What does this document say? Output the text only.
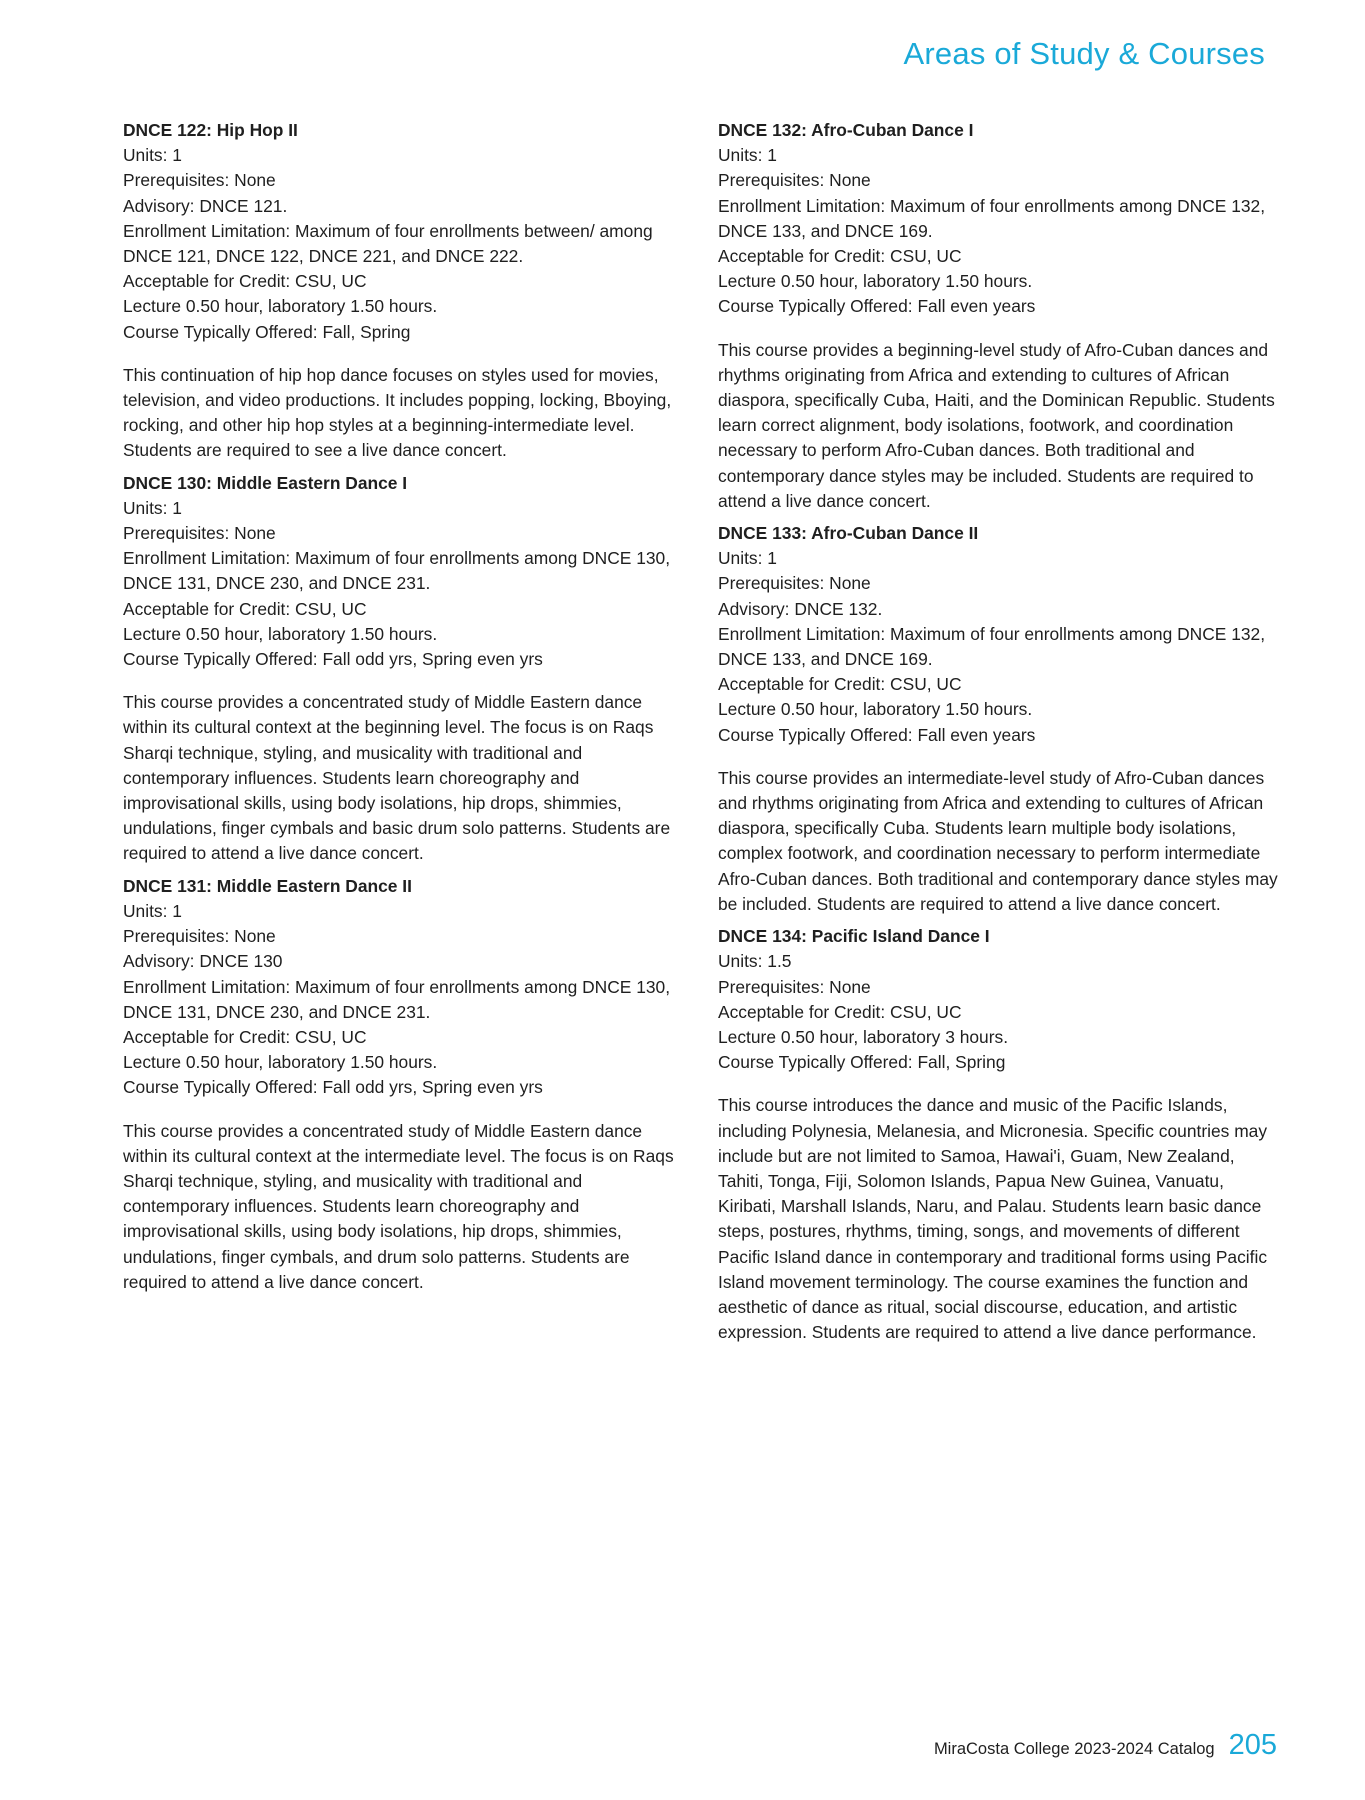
Areas of Study & Courses

DNCE 122: Hip Hop II

Units: 1

Prerequisites: None

Advisory: DNCE 121.

Enrollment Limitation: Maximum of four enrollments between/ among DNCE 121, DNCE 122, DNCE 221, and DNCE 222.

Acceptable for Credit: CSU, UC

Lecture 0.50 hour, laboratory 1.50 hours.

Course Typically Offered: Fall, Spring

This continuation of hip hop dance focuses on styles used for movies, television, and video productions. It includes popping, locking, Bboying, rocking, and other hip hop styles at a beginning-intermediate level. Students are required to see a live dance concert.

DNCE 130: Middle Eastern Dance I

Units: 1

Prerequisites: None

Enrollment Limitation: Maximum of four enrollments among DNCE 130, DNCE 131, DNCE 230, and DNCE 231.

Acceptable for Credit: CSU, UC

Lecture 0.50 hour, laboratory 1.50 hours.

Course Typically Offered: Fall odd yrs, Spring even yrs

This course provides a concentrated study of Middle Eastern dance within its cultural context at the beginning level. The focus is on Raqs Sharqi technique, styling, and musicality with traditional and contemporary influences. Students learn choreography and improvisational skills, using body isolations, hip drops, shimmies, undulations, finger cymbals and basic drum solo patterns. Students are required to attend a live dance concert.

DNCE 131: Middle Eastern Dance II

Units: 1

Prerequisites: None

Advisory: DNCE 130

Enrollment Limitation: Maximum of four enrollments among DNCE 130, DNCE 131, DNCE 230, and DNCE 231.

Acceptable for Credit: CSU, UC

Lecture 0.50 hour, laboratory 1.50 hours.

Course Typically Offered: Fall odd yrs, Spring even yrs

This course provides a concentrated study of Middle Eastern dance within its cultural context at the intermediate level. The focus is on Raqs Sharqi technique, styling, and musicality with traditional and contemporary influences. Students learn choreography and improvisational skills, using body isolations, hip drops, shimmies, undulations, finger cymbals, and drum solo patterns. Students are required to attend a live dance concert.

DNCE 132: Afro-Cuban Dance I

Units: 1

Prerequisites: None

Enrollment Limitation: Maximum of four enrollments among DNCE 132, DNCE 133, and DNCE 169.

Acceptable for Credit: CSU, UC

Lecture 0.50 hour, laboratory 1.50 hours.

Course Typically Offered: Fall even years

This course provides a beginning-level study of Afro-Cuban dances and rhythms originating from Africa and extending to cultures of African diaspora, specifically Cuba, Haiti, and the Dominican Republic. Students learn correct alignment, body isolations, footwork, and coordination necessary to perform Afro-Cuban dances. Both traditional and contemporary dance styles may be included. Students are required to attend a live dance concert.

DNCE 133: Afro-Cuban Dance II

Units: 1

Prerequisites: None

Advisory: DNCE 132.

Enrollment Limitation: Maximum of four enrollments among DNCE 132, DNCE 133, and DNCE 169.

Acceptable for Credit: CSU, UC

Lecture 0.50 hour, laboratory 1.50 hours.

Course Typically Offered: Fall even years

This course provides an intermediate-level study of Afro-Cuban dances and rhythms originating from Africa and extending to cultures of African diaspora, specifically Cuba. Students learn multiple body isolations, complex footwork, and coordination necessary to perform intermediate Afro-Cuban dances. Both traditional and contemporary dance styles may be included. Students are required to attend a live dance concert.

DNCE 134: Pacific Island Dance I

Units: 1.5

Prerequisites: None

Acceptable for Credit: CSU, UC

Lecture 0.50 hour, laboratory 3 hours.

Course Typically Offered: Fall, Spring

This course introduces the dance and music of the Pacific Islands, including Polynesia, Melanesia, and Micronesia. Specific countries may include but are not limited to Samoa, Hawai'i, Guam, New Zealand, Tahiti, Tonga, Fiji, Solomon Islands, Papua New Guinea, Vanuatu, Kiribati, Marshall Islands, Naru, and Palau. Students learn basic dance steps, postures, rhythms, timing, songs, and movements of different Pacific Island dance in contemporary and traditional forms using Pacific Island movement terminology. The course examines the function and aesthetic of dance as ritual, social discourse, education, and artistic expression. Students are required to attend a live dance performance.

MiraCosta College 2023-2024 Catalog 205
